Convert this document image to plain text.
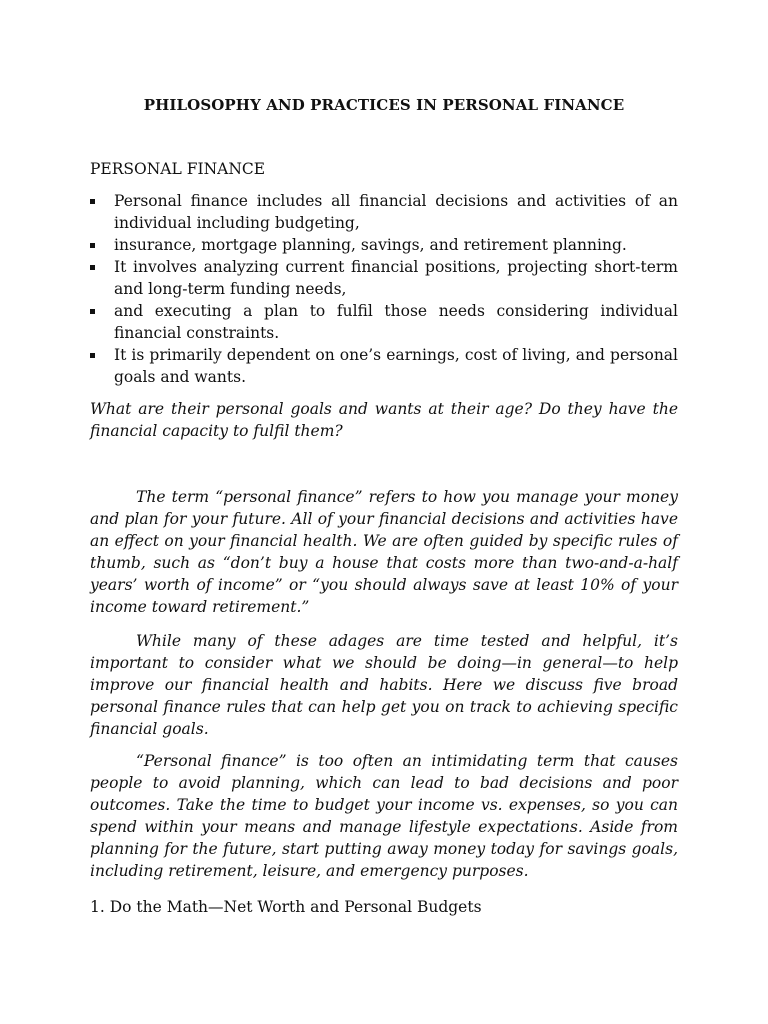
PHILOSOPHY AND PRACTICES IN PERSONAL FINANCE
PERSONAL FINANCE
Personal finance includes all financial decisions and activities of an individual including budgeting,
insurance, mortgage planning, savings, and retirement planning.
It involves analyzing current financial positions, projecting short-term and long-term funding needs,
and executing a plan to fulfil those needs considering individual financial constraints.
It is primarily dependent on one’s earnings, cost of living, and personal goals and wants.

What are their personal goals and wants at their age? Do they have the financial capacity to fulfil them?

The term “personal finance” refers to how you manage your money and plan for your future. All of your financial decisions and activities have an effect on your financial health. We are often guided by specific rules of thumb, such as “don’t buy a house that costs more than two-and-a-half years’ worth of income” or “you should always save at least 10% of your income toward retirement.”

While many of these adages are time tested and helpful, it’s important to consider what we should be doing—in general—to help improve our financial health and habits. Here we discuss five broad personal finance rules that can help get you on track to achieving specific financial goals.

“Personal finance” is too often an intimidating term that causes people to avoid planning, which can lead to bad decisions and poor outcomes. Take the time to budget your income vs. expenses, so you can spend within your means and manage lifestyle expectations. Aside from planning for the future, start putting away money today for savings goals, including retirement, leisure, and emergency purposes.

1. Do the Math—Net Worth and Personal Budgets
